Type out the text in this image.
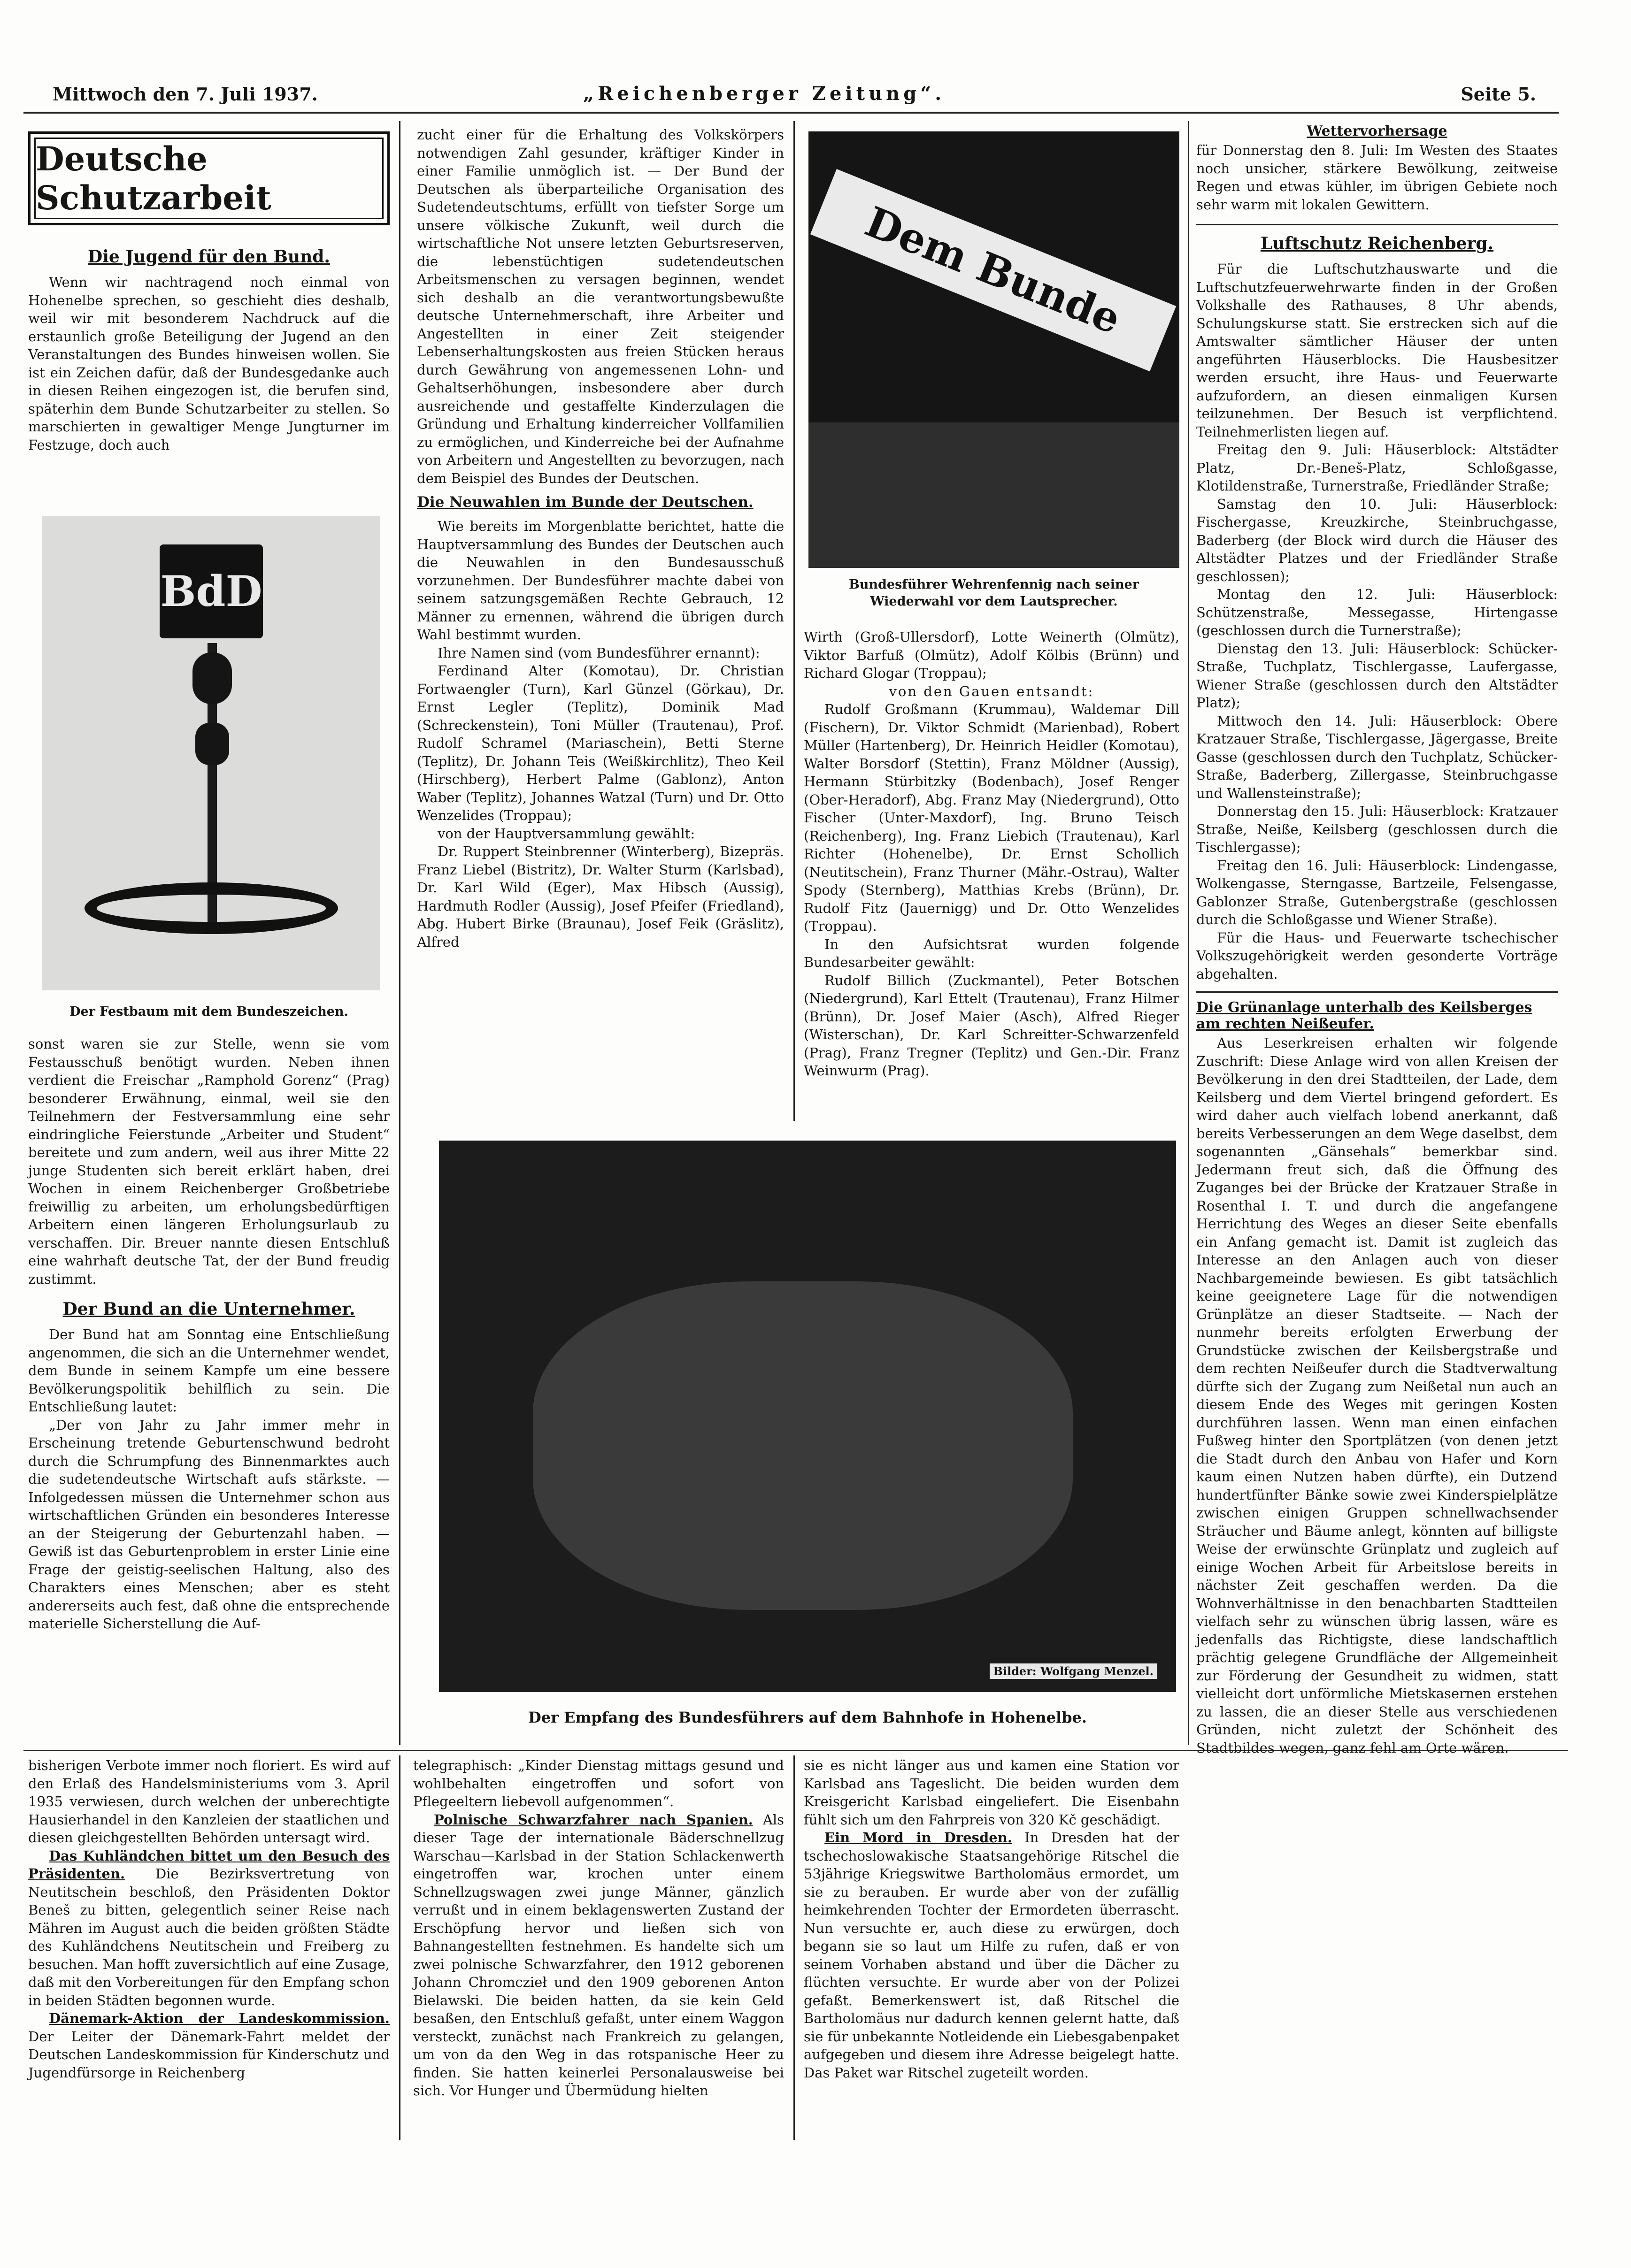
Mittwoch den 7. Juli 1937.	„Reichenberger Zeitung“.	Seite 5.
Deutsche Schutzarbeit
Die Jugend für den Bund.

Wenn wir nachtragend noch einmal von Hohenelbe sprechen, so geschieht dies deshalb, weil wir mit besonderem Nachdruck auf die erstaunlich große Beteiligung der Jugend an den Veranstaltungen des Bundes hinweisen wollen. Sie ist ein Zeichen dafür, daß der Bundesgedanke auch in diesen Reihen eingezogen ist, die berufen sind, späterhin dem Bunde Schutzarbeiter zu stellen. So marschierten in gewaltiger Menge Jungturner im Festzuge, doch auch

BdD
Der Festbaum mit dem Bundeszeichen.

sonst waren sie zur Stelle, wenn sie vom Festausschuß benötigt wurden. Neben ihnen verdient die Freischar „Ramphold Gorenz“ (Prag) besonderer Erwähnung, einmal, weil sie den Teilnehmern der Festversammlung eine sehr eindringliche Feierstunde „Arbeiter und Student“ bereitete und zum andern, weil aus ihrer Mitte 22 junge Studenten sich bereit erklärt haben, drei Wochen in einem Reichenberger Großbetriebe freiwillig zu arbeiten, um erholungsbedürftigen Arbeitern einen längeren Erholungsurlaub zu verschaffen. Dir. Breuer nannte diesen Entschluß eine wahrhaft deutsche Tat, der der Bund freudig zustimmt.

Der Bund an die Unternehmer.

Der Bund hat am Sonntag eine Entschließung angenommen, die sich an die Unternehmer wendet, dem Bunde in seinem Kampfe um eine bessere Bevölkerungspolitik behilflich zu sein. Die Entschließung lautet:

„Der von Jahr zu Jahr immer mehr in Erscheinung tretende Geburtenschwund bedroht durch die Schrumpfung des Binnenmarktes auch die sudetendeutsche Wirtschaft aufs stärkste. — Infolgedessen müssen die Unternehmer schon aus wirtschaftlichen Gründen ein besonderes Interesse an der Steigerung der Geburtenzahl haben. — Gewiß ist das Geburtenproblem in erster Linie eine Frage der geistig-seelischen Haltung, also des Charakters eines Menschen; aber es steht andererseits auch fest, daß ohne die entsprechende materielle Sicherstellung die Auf-

zucht einer für die Erhaltung des Volkskörpers notwendigen Zahl gesunder, kräftiger Kinder in einer Familie unmöglich ist. — Der Bund der Deutschen als überparteiliche Organisation des Sudetendeutschtums, erfüllt von tiefster Sorge um unsere völkische Zukunft, weil durch die wirtschaftliche Not unsere letzten Geburtsreserven, die lebenstüchtigen sudetendeutschen Arbeitsmenschen zu versagen beginnen, wendet sich deshalb an die verantwortungsbewußte deutsche Unternehmerschaft, ihre Arbeiter und Angestellten in einer Zeit steigender Lebenserhaltungskosten aus freien Stücken heraus durch Gewährung von angemessenen Lohn- und Gehaltserhöhungen, insbesondere aber durch ausreichende und gestaffelte Kinderzulagen die Gründung und Erhaltung kinderreicher Vollfamilien zu ermöglichen, und Kinderreiche bei der Aufnahme von Arbeitern und Angestellten zu bevorzugen, nach dem Beispiel des Bundes der Deutschen.

Die Neuwahlen im Bunde der Deutschen.

Wie bereits im Morgenblatte berichtet, hatte die Hauptversammlung des Bundes der Deutschen auch die Neuwahlen in den Bundesausschuß vorzunehmen. Der Bundesführer machte dabei von seinem satzungsgemäßen Rechte Gebrauch, 12 Männer zu ernennen, während die übrigen durch Wahl bestimmt wurden.

Ihre Namen sind (vom Bundesführer ernannt):

Ferdinand Alter (Komotau), Dr. Christian Fortwaengler (Turn), Karl Günzel (Görkau), Dr. Ernst Legler (Teplitz), Dominik Mad (Schreckenstein), Toni Müller (Trautenau), Prof. Rudolf Schramel (Mariaschein), Betti Sterne (Teplitz), Dr. Johann Teis (Weißkirchlitz), Theo Keil (Hirschberg), Herbert Palme (Gablonz), Anton Waber (Teplitz), Johannes Watzal (Turn) und Dr. Otto Wenzelides (Troppau);

von der Hauptversammlung gewählt:

Dr. Ruppert Steinbrenner (Winterberg), Bizepräs. Franz Liebel (Bistritz), Dr. Walter Sturm (Karlsbad), Dr. Karl Wild (Eger), Max Hibsch (Aussig), Hardmuth Rodler (Aussig), Josef Pfeifer (Friedland), Abg. Hubert Birke (Braunau), Josef Feik (Gräslitz), Alfred

Dem Bunde
Bundesführer Wehrenfennig nach seiner Wiederwahl vor dem Lautsprecher.

Wirth (Groß-Ullersdorf), Lotte Weinerth (Olmütz), Viktor Barfuß (Olmütz), Adolf Kölbis (Brünn) und Richard Glogar (Troppau);

von den Gauen entsandt:

Rudolf Großmann (Krummau), Waldemar Dill (Fischern), Dr. Viktor Schmidt (Marienbad), Robert Müller (Hartenberg), Dr. Heinrich Heidler (Komotau), Walter Borsdorf (Stettin), Franz Möldner (Aussig), Hermann Stürbitzky (Bodenbach), Josef Renger (Ober-Heradorf), Abg. Franz May (Niedergrund), Otto Fischer (Unter-Maxdorf), Ing. Bruno Teisch (Reichenberg), Ing. Franz Liebich (Trautenau), Karl Richter (Hohenelbe), Dr. Ernst Schollich (Neutitschein), Franz Thurner (Mähr.-Ostrau), Walter Spody (Sternberg), Matthias Krebs (Brünn), Dr. Rudolf Fitz (Jauernigg) und Dr. Otto Wenzelides (Troppau).

In den Aufsichtsrat wurden folgende Bundesarbeiter gewählt:

Rudolf Billich (Zuckmantel), Peter Botschen (Niedergrund), Karl Ettelt (Trautenau), Franz Hilmer (Brünn), Dr. Josef Maier (Asch), Alfred Rieger (Wisterschan), Dr. Karl Schreitter-Schwarzenfeld (Prag), Franz Tregner (Teplitz) und Gen.-Dir. Franz Weinwurm (Prag).

Bilder: Wolfgang Menzel.
Der Empfang des Bundesführers auf dem Bahnhofe in Hohenelbe.
Wettervorhersage

für Donnerstag den 8. Juli: Im Westen des Staates noch unsicher, stärkere Bewölkung, zeitweise Regen und etwas kühler, im übrigen Gebiete noch sehr warm mit lokalen Gewittern.

Luftschutz Reichenberg.

Für die Luftschutzhauswarte und die Luftschutzfeuerwehrwarte finden in der Großen Volkshalle des Rathauses, 8 Uhr abends, Schulungskurse statt. Sie erstrecken sich auf die Amtswalter sämtlicher Häuser der unten angeführten Häuserblocks. Die Hausbesitzer werden ersucht, ihre Haus- und Feuerwarte aufzufordern, an diesen einmaligen Kursen teilzunehmen. Der Besuch ist verpflichtend. Teilnehmerlisten liegen auf.

Freitag den 9. Juli: Häuserblock: Altstädter Platz, Dr.-Beneš-Platz, Schloßgasse, Klotildenstraße, Turnerstraße, Friedländer Straße;

Samstag den 10. Juli: Häuserblock: Fischergasse, Kreuzkirche, Steinbruchgasse, Baderberg (der Block wird durch die Häuser des Altstädter Platzes und der Friedländer Straße geschlossen);

Montag den 12. Juli: Häuserblock: Schützenstraße, Messegasse, Hirtengasse (geschlossen durch die Turnerstraße);

Dienstag den 13. Juli: Häuserblock: Schücker-Straße, Tuchplatz, Tischlergasse, Laufergasse, Wiener Straße (geschlossen durch den Altstädter Platz);

Mittwoch den 14. Juli: Häuserblock: Obere Kratzauer Straße, Tischlergasse, Jägergasse, Breite Gasse (geschlossen durch den Tuchplatz, Schücker-Straße, Baderberg, Zillergasse, Steinbruchgasse und Wallensteinstraße);

Donnerstag den 15. Juli: Häuserblock: Kratzauer Straße, Neiße, Keilsberg (geschlossen durch die Tischlergasse);

Freitag den 16. Juli: Häuserblock: Lindengasse, Wolkengasse, Sterngasse, Bartzeile, Felsengasse, Gablonzer Straße, Gutenbergstraße (geschlossen durch die Schloßgasse und Wiener Straße).

Für die Haus- und Feuerwarte tschechischer Volkszugehörigkeit werden gesonderte Vorträge abgehalten.

Die Grünanlage unterhalb des Keilsberges am rechten Neißeufer.

Aus Leserkreisen erhalten wir folgende Zuschrift: Diese Anlage wird von allen Kreisen der Bevölkerung in den drei Stadtteilen, der Lade, dem Keilsberg und dem Viertel bringend gefordert. Es wird daher auch vielfach lobend anerkannt, daß bereits Verbesserungen an dem Wege daselbst, dem sogenannten „Gänsehals“ bemerkbar sind. Jedermann freut sich, daß die Öffnung des Zuganges bei der Brücke der Kratzauer Straße in Rosenthal I. T. und durch die angefangene Herrichtung des Weges an dieser Seite ebenfalls ein Anfang gemacht ist. Damit ist zugleich das Interesse an den Anlagen auch von dieser Nachbargemeinde bewiesen. Es gibt tatsächlich keine geeignetere Lage für die notwendigen Grünplätze an dieser Stadtseite. — Nach der nunmehr bereits erfolgten Erwerbung der Grundstücke zwischen der Keilsbergstraße und dem rechten Neißeufer durch die Stadtverwaltung dürfte sich der Zugang zum Neißetal nun auch an diesem Ende des Weges mit geringen Kosten durchführen lassen. Wenn man einen einfachen Fußweg hinter den Sportplätzen (von denen jetzt die Stadt durch den Anbau von Hafer und Korn kaum einen Nutzen haben dürfte), ein Dutzend hundertfünfter Bänke sowie zwei Kinderspielplätze zwischen einigen Gruppen schnellwachsender Sträucher und Bäume anlegt, könnten auf billigste Weise der erwünschte Grünplatz und zugleich auf einige Wochen Arbeit für Arbeitslose bereits in nächster Zeit geschaffen werden. Da die Wohnverhältnisse in den benachbarten Stadtteilen vielfach sehr zu wünschen übrig lassen, wäre es jedenfalls das Richtigste, diese landschaftlich prächtig gelegene Grundfläche der Allgemeinheit zur Förderung der Gesundheit zu widmen, statt vielleicht dort unförmliche Mietskasernen erstehen zu lassen, die an dieser Stelle aus verschiedenen Gründen, nicht zuletzt der Schönheit des Stadtbildes wegen, ganz fehl am Orte wären.

bisherigen Verbote immer noch floriert. Es wird auf den Erlaß des Handelsministeriums vom 3. April 1935 verwiesen, durch welchen der unberechtigte Hausierhandel in den Kanzleien der staatlichen und diesen gleichgestellten Behörden untersagt wird.

Das Kuhländchen bittet um den Besuch des Präsidenten. Die Bezirksvertretung von Neutitschein beschloß, den Präsidenten Doktor Beneš zu bitten, gelegentlich seiner Reise nach Mähren im August auch die beiden größten Städte des Kuhländchens Neutitschein und Freiberg zu besuchen. Man hofft zuversichtlich auf eine Zusage, daß mit den Vorbereitungen für den Empfang schon in beiden Städten begonnen wurde.

Dänemark-Aktion der Landeskommission. Der Leiter der Dänemark-Fahrt meldet der Deutschen Landeskommission für Kinderschutz und Jugendfürsorge in Reichenberg

telegraphisch: „Kinder Dienstag mittags gesund und wohlbehalten eingetroffen und sofort von Pflegeeltern liebevoll aufgenommen“.

Polnische Schwarzfahrer nach Spanien. Als dieser Tage der internationale Bäderschnellzug Warschau—Karlsbad in der Station Schlackenwerth eingetroffen war, krochen unter einem Schnellzugswagen zwei junge Männer, gänzlich verrußt und in einem beklagenswerten Zustand der Erschöpfung hervor und ließen sich von Bahnangestellten festnehmen. Es handelte sich um zwei polnische Schwarzfahrer, den 1912 geborenen Johann Chromczieł und den 1909 geborenen Anton Bielawski. Die beiden hatten, da sie kein Geld besaßen, den Entschluß gefaßt, unter einem Waggon versteckt, zunächst nach Frankreich zu gelangen, um von da den Weg in das rotspanische Heer zu finden. Sie hatten keinerlei Personalausweise bei sich. Vor Hunger und Übermüdung hielten

sie es nicht länger aus und kamen eine Station vor Karlsbad ans Tageslicht. Die beiden wurden dem Kreisgericht Karlsbad eingeliefert. Die Eisenbahn fühlt sich um den Fahrpreis von 320 Kč geschädigt.

Ein Mord in Dresden. In Dresden hat der tschechoslowakische Staatsangehörige Ritschel die 53jährige Kriegswitwe Bartholomäus ermordet, um sie zu berauben. Er wurde aber von der zufällig heimkehrenden Tochter der Ermordeten überrascht. Nun versuchte er, auch diese zu erwürgen, doch begann sie so laut um Hilfe zu rufen, daß er von seinem Vorhaben abstand und über die Dächer zu flüchten versuchte. Er wurde aber von der Polizei gefaßt. Bemerkenswert ist, daß Ritschel die Bartholomäus nur dadurch kennen gelernt hatte, daß sie für unbekannte Notleidende ein Liebesgabenpaket aufgegeben und diesem ihre Adresse beigelegt hatte. Das Paket war Ritschel zugeteilt worden.
